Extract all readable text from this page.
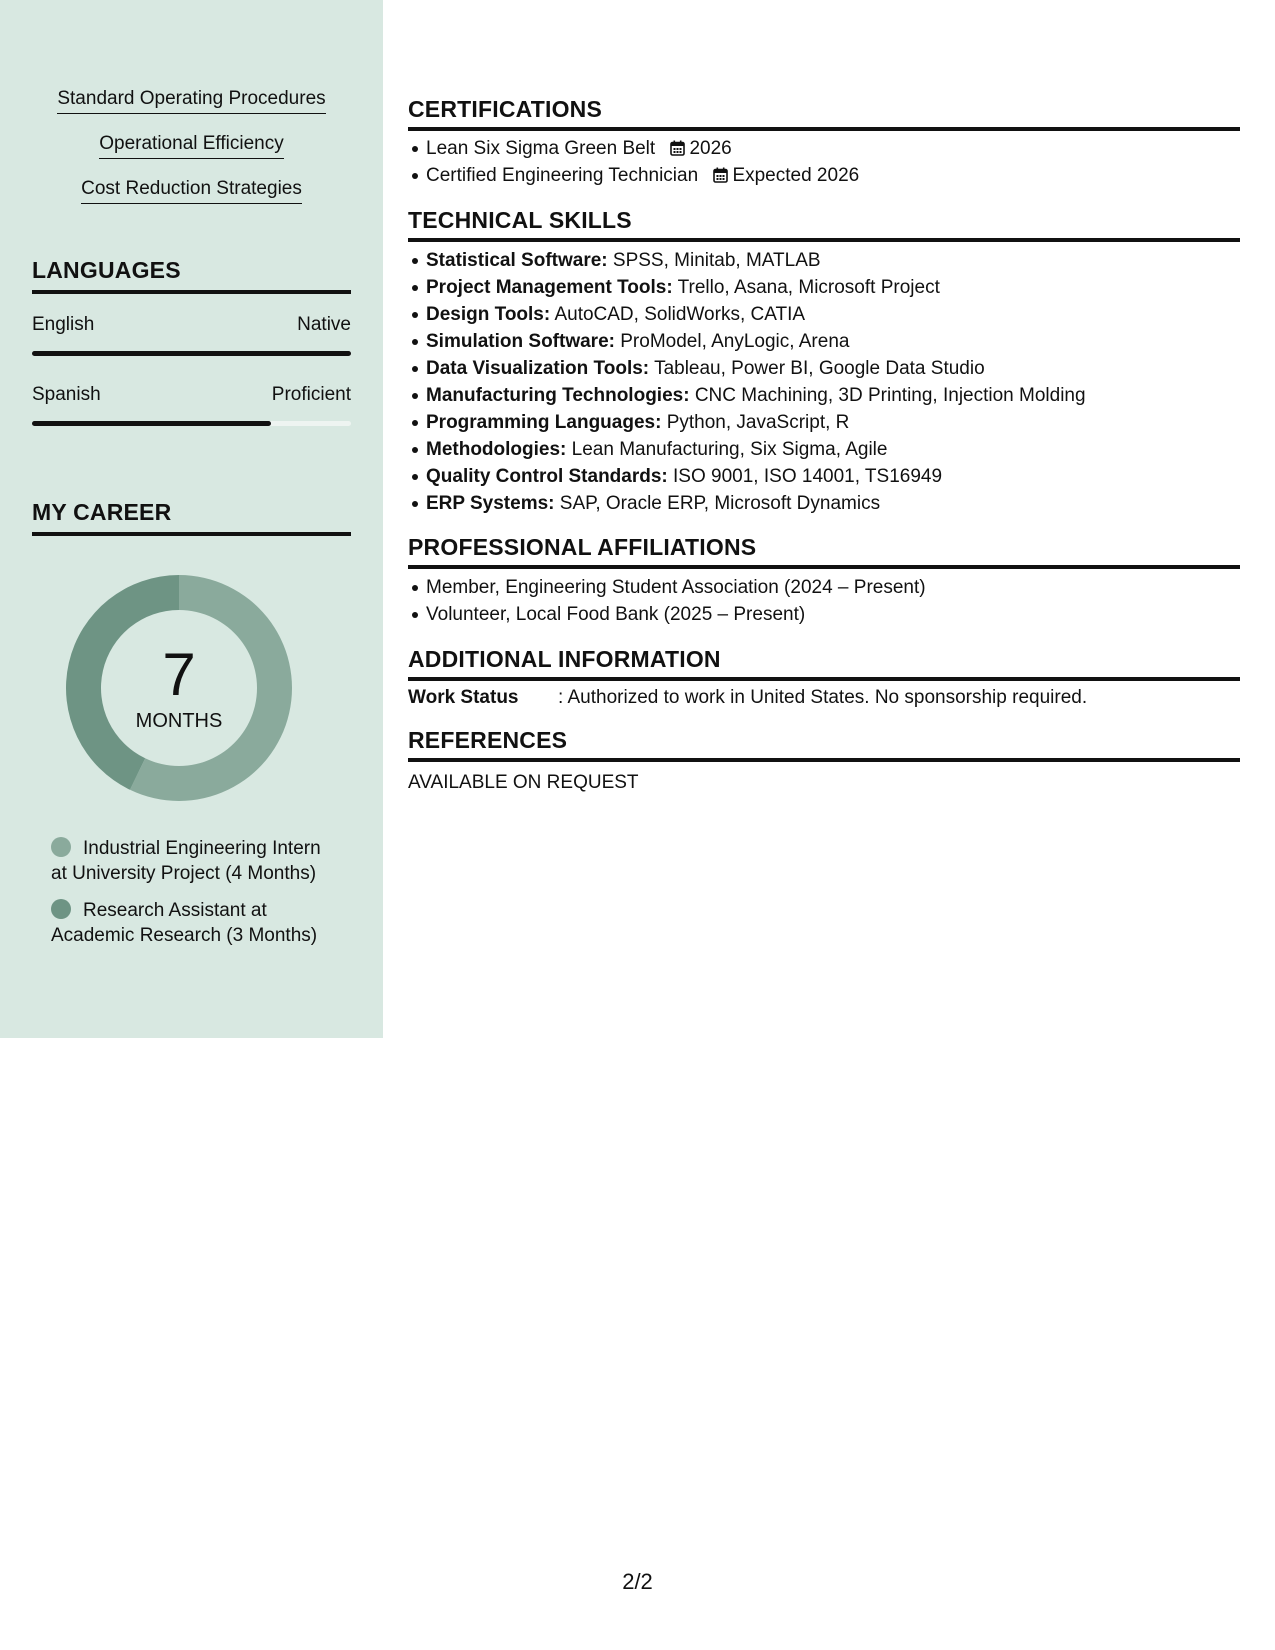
Standard Operating Procedures
Operational Efficiency
Cost Reduction Strategies
LANGUAGES
English	Native
Spanish	Proficient
MY CAREER
7
MONTHS
Industrial Engineering Intern at University Project (4 Months)
Research Assistant at Academic Research (3 Months)
CERTIFICATIONS
Lean Six Sigma Green Belt 2026
Certified Engineering Technician Expected 2026
TECHNICAL SKILLS
Statistical Software: SPSS, Minitab, MATLAB
Project Management Tools: Trello, Asana, Microsoft Project
Design Tools: AutoCAD, SolidWorks, CATIA
Simulation Software: ProModel, AnyLogic, Arena
Data Visualization Tools: Tableau, Power BI, Google Data Studio
Manufacturing Technologies: CNC Machining, 3D Printing, Injection Molding
Programming Languages: Python, JavaScript, R
Methodologies: Lean Manufacturing, Six Sigma, Agile
Quality Control Standards: ISO 9001, ISO 14001, TS16949
ERP Systems: SAP, Oracle ERP, Microsoft Dynamics
PROFESSIONAL AFFILIATIONS
Member, Engineering Student Association (2024 – Present)
Volunteer, Local Food Bank (2025 – Present)
ADDITIONAL INFORMATION
Work Status : Authorized to work in United States. No sponsorship required.
REFERENCES
AVAILABLE ON REQUEST
2/2
